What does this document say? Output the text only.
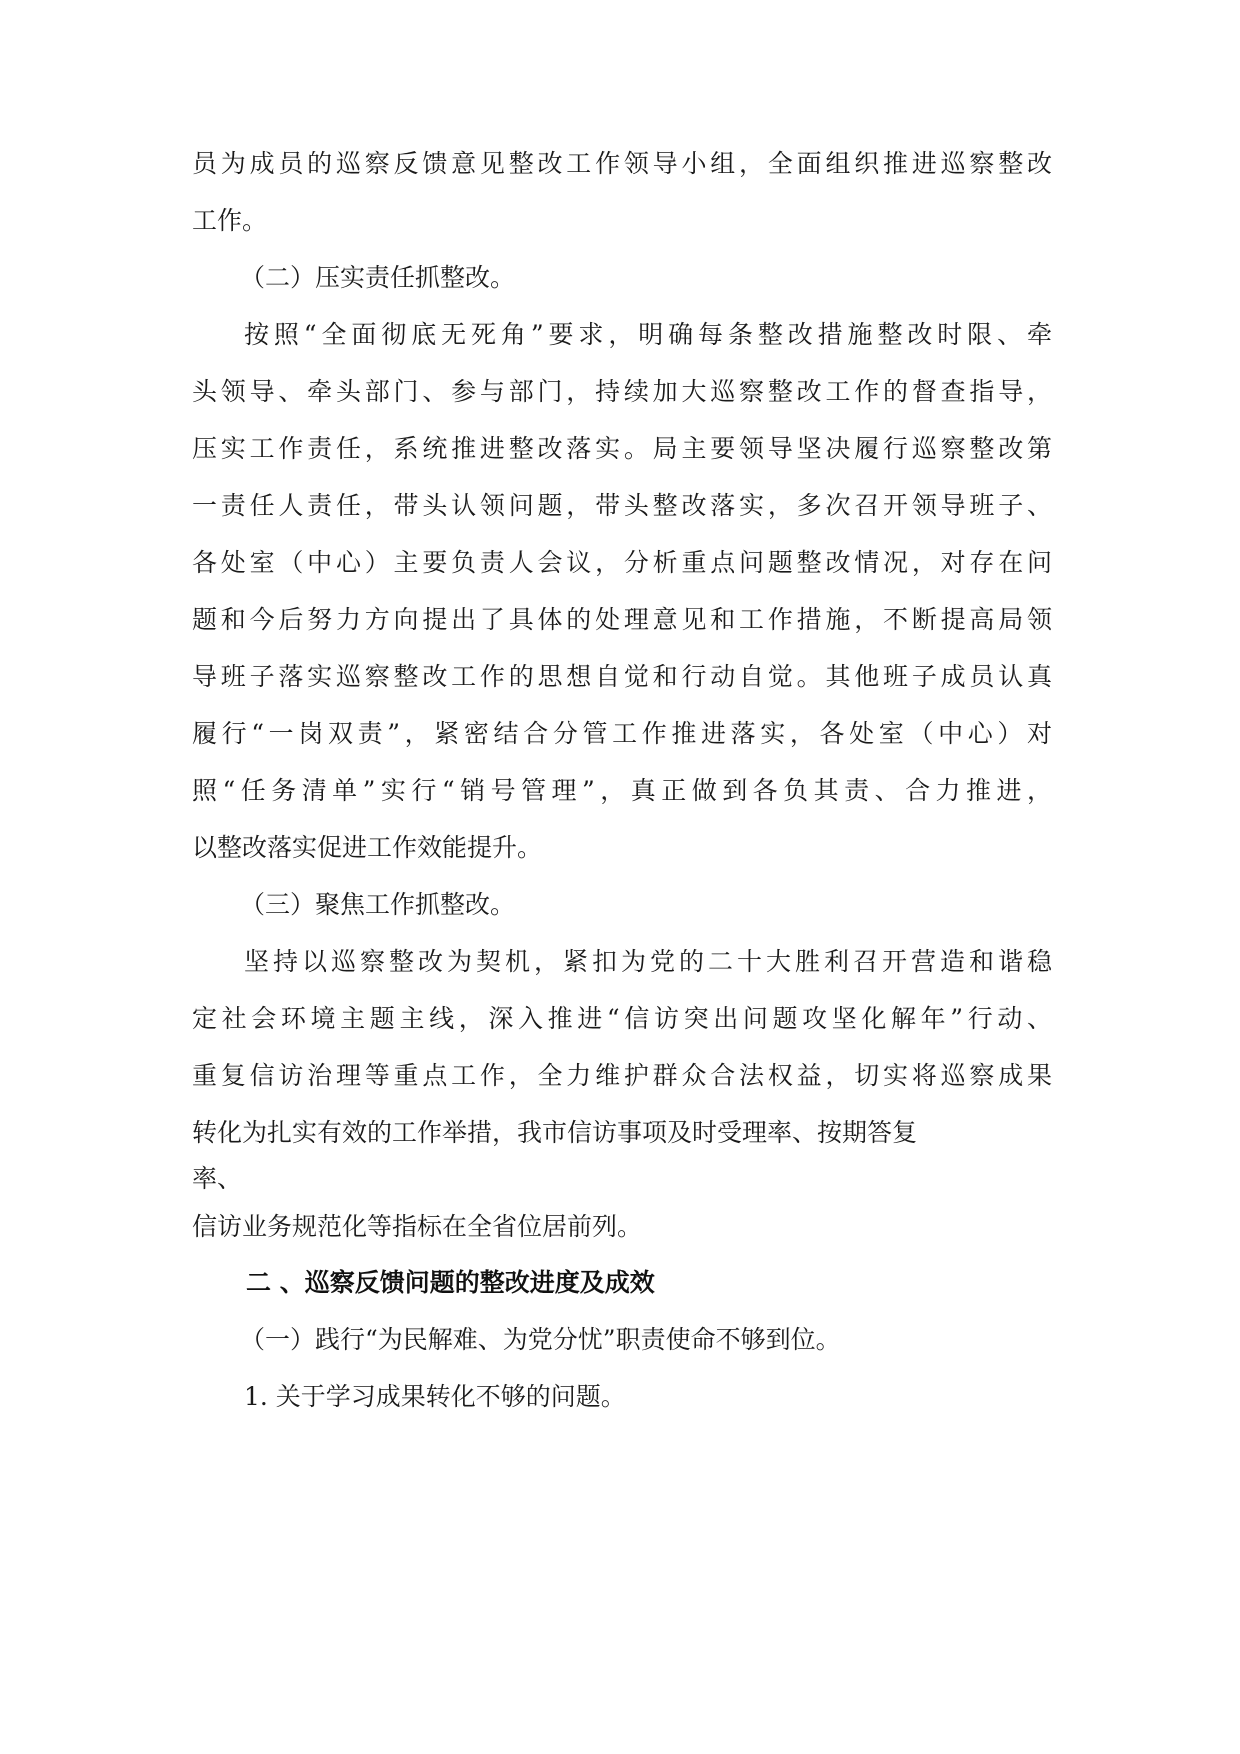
员为成员的巡察反馈意见整改工作领导小组，全面组织推进巡察整改
工作。
（二）压实责任抓整改。
按照“全面彻底无死角”要求，明确每条整改措施整改时限、牵
头领导、牵头部门、参与部门，持续加大巡察整改工作的督查指导，
压实工作责任，系统推进整改落实。局主要领导坚决履行巡察整改第
一责任人责任，带头认领问题，带头整改落实，多次召开领导班子、
各处室（中心）主要负责人会议，分析重点问题整改情况，对存在问
题和今后努力方向提出了具体的处理意见和工作措施，不断提高局领
导班子落实巡察整改工作的思想自觉和行动自觉。其他班子成员认真
履行“一岗双责”，紧密结合分管工作推进落实，各处室（中心）对
照“任务清单”实行“销号管理”，真正做到各负其责、合力推进，
以整改落实促进工作效能提升。
（三）聚焦工作抓整改。
坚持以巡察整改为契机，紧扣为党的二十大胜利召开营造和谐稳
定社会环境主题主线，深入推进“信访突出问题攻坚化解年”行动、
重复信访治理等重点工作，全力维护群众合法权益，切实将巡察成果
转化为扎实有效的工作举措，我市信访事项及时受理率、按期答复
率、
信访业务规范化等指标在全省位居前列。
二 、巡察反馈问题的整改进度及成效
（一）践行“为民解难、为党分忧”职责使命不够到位。
1. 关于学习成果转化不够的问题。
